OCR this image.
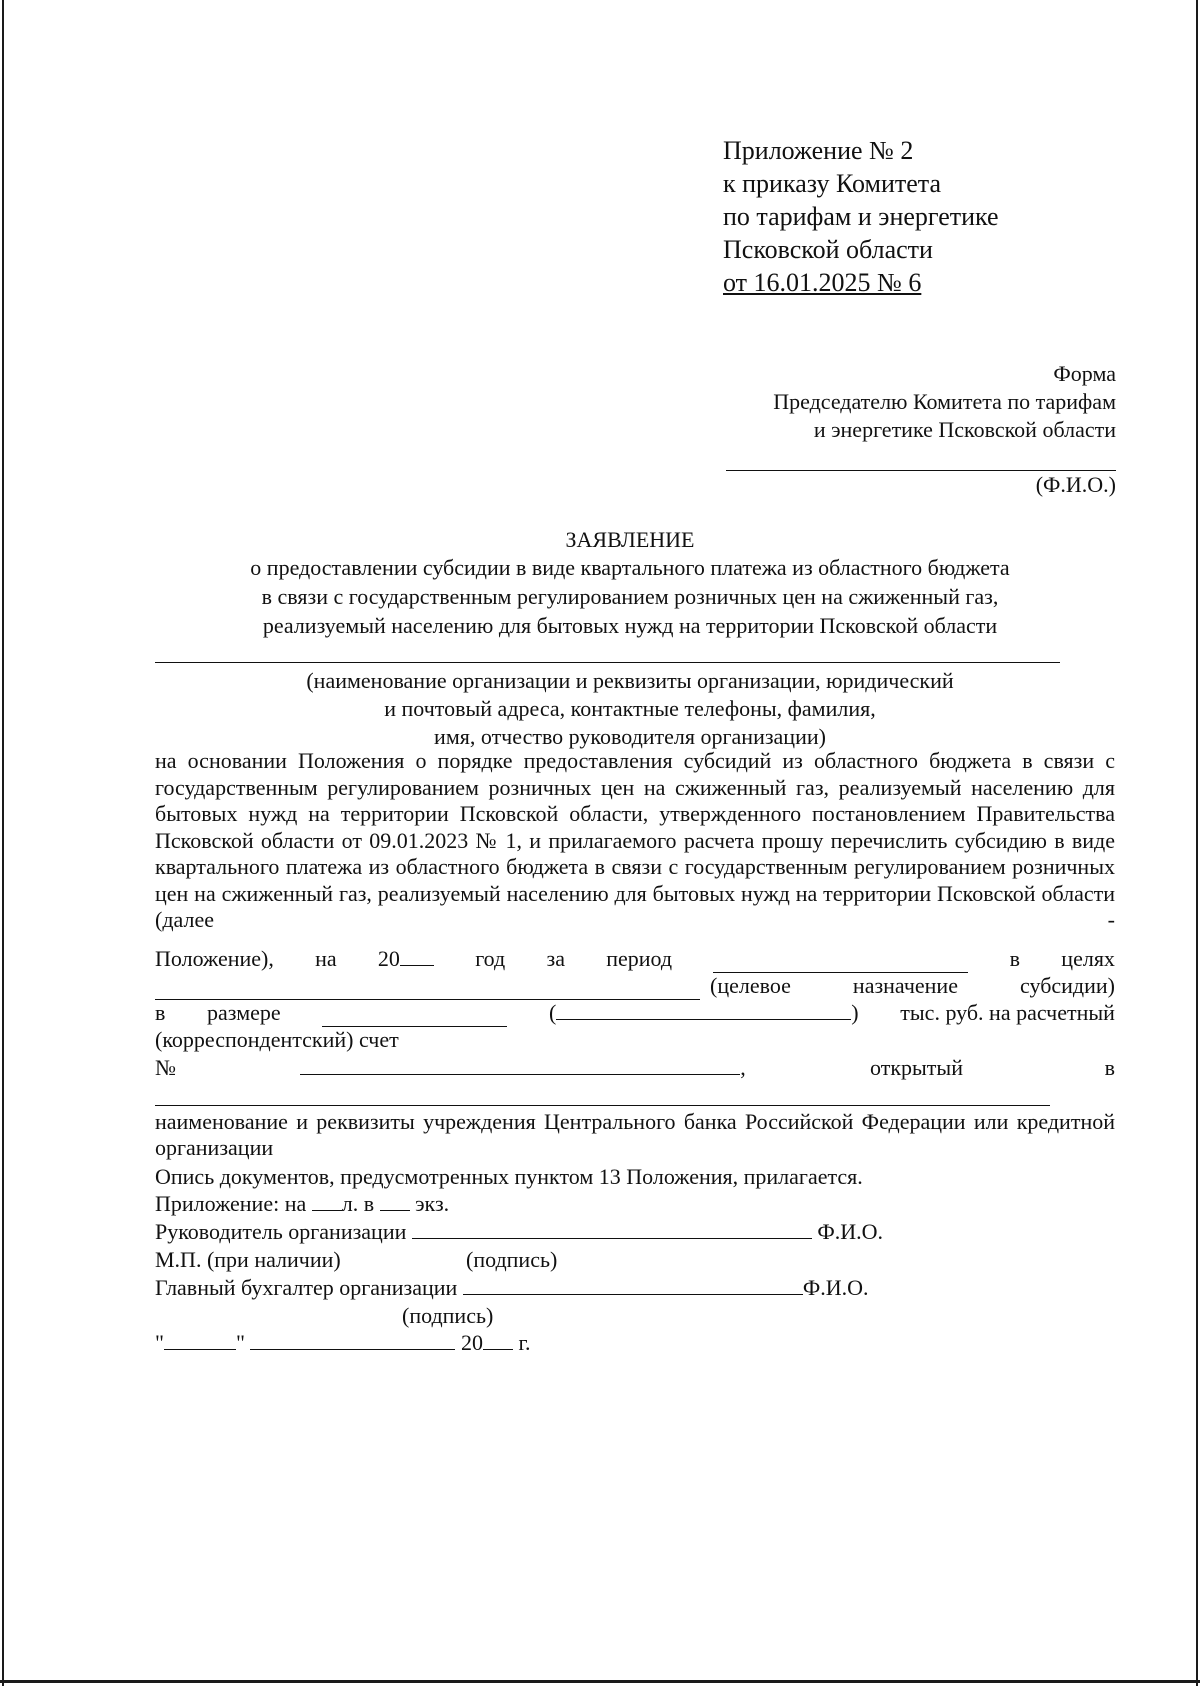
Приложение № 2
к приказу Комитета
по тарифам и энергетике
Псковской области
от 16.01.2025 № 6
Форма
Председателю Комитета по тарифам
и энергетике Псковской области
(Ф.И.О.)
ЗАЯВЛЕНИЕ
о предоставлении субсидии в виде квартального платежа из областного бюджета
в связи с государственным регулированием розничных цен на сжиженный газ,
реализуемый населению для бытовых нужд на территории Псковской области
(наименование организации и реквизиты организации, юридический
и почтовый адреса, контактные телефоны, фамилия,
имя, отчество руководителя организации)

на основании Положения о порядке предоставления субсидий из областного бюджета в связи с государственным регулированием розничных цен на сжиженный газ, реализуемый населению для бытовых нужд на территории Псковской области, утвержденного постановлением Правительства Псковской области от 09.01.2023 № 1, и прилагаемого расчета прошу перечислить субсидию в виде квартального платежа из областного бюджета в связи с государственным регулированием розничных цен на сжиженный газ, реализуемый населению для бытовых нужд на территории Псковской области (далее -

Положение), на 20	год за период	в целях
(целевое назначение субсидии)
в размере	(	) тыс. руб. на расчетный
(корреспондентский) счет
№	,	открытый	в

наименование и реквизиты учреждения Центрального банка Российской Федерации или кредитной организации

Опись документов, предусмотренных пунктом 13 Положения, прилагается.
Приложение: на л. в экз.
Руководитель организации	Ф.И.О.
М.П. (при наличии)	(подпись)
Главный бухгалтер организации	Ф.И.О.
(подпись)
"	"	20 г.
